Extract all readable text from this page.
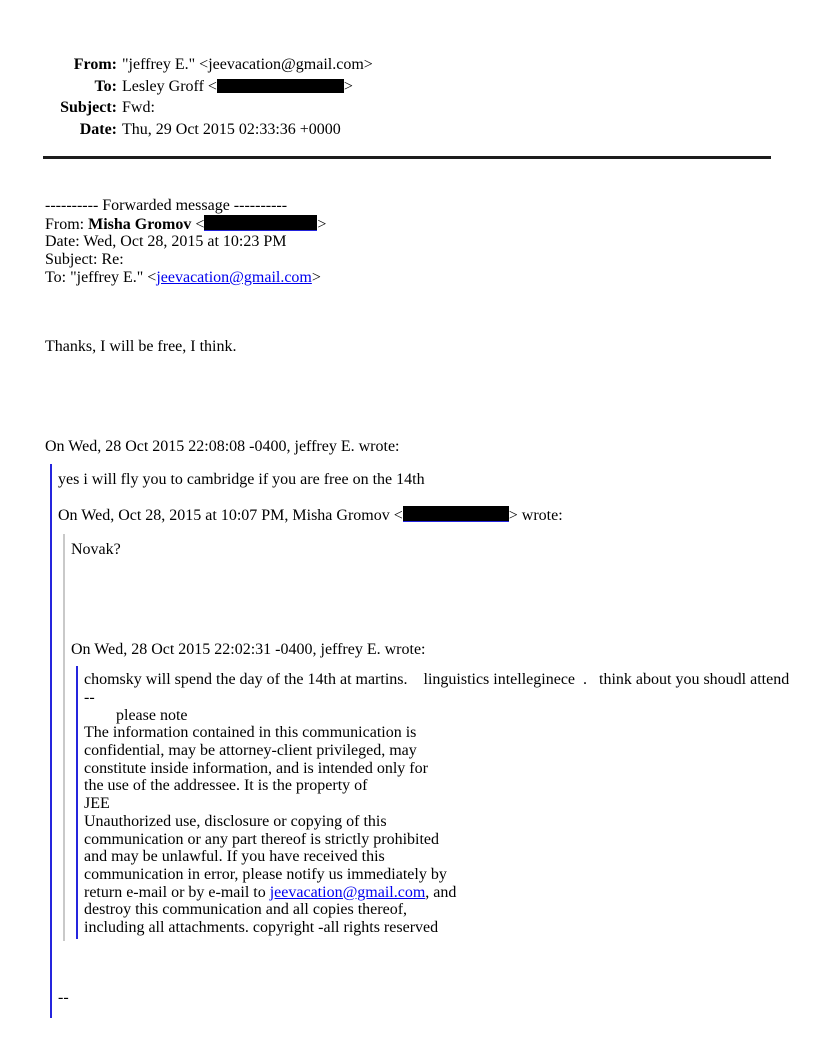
From: "jeffrey E." <jeevacation@gmail.com>
To: Lesley Groff <	>
Subject: Fwd:
Date: Thu, 29 Oct 2015 02:33:36 +0000
---------- Forwarded message ----------
From: Misha Gromov <	>
Date: Wed, Oct 28, 2015 at 10:23 PM
Subject: Re:
To: "jeffrey E." <jeevacation@gmail.com>
Thanks, I will be free, I think.
On Wed, 28 Oct 2015 22:08:08 -0400, jeffrey E. wrote:
yes i will fly you to cambridge if you are free on the 14th
On Wed, Oct 28, 2015 at 10:07 PM, Misha Gromov <	> wrote:
Novak?
On Wed, 28 Oct 2015 22:02:31 -0400, jeffrey E. wrote:
chomsky will spend the day of the 14th at martins.    linguistics intelleginece  .   think about you shoudl attend
--
please note
The information contained in this communication is
confidential, may be attorney-client privileged, may
constitute inside information, and is intended only for
the use of the addressee. It is the property of
JEE
Unauthorized use, disclosure or copying of this
communication or any part thereof is strictly prohibited
and may be unlawful. If you have received this
communication in error, please notify us immediately by
return e-mail or by e-mail to jeevacation@gmail.com, and
destroy this communication and all copies thereof,
including all attachments. copyright -all rights reserved
--
